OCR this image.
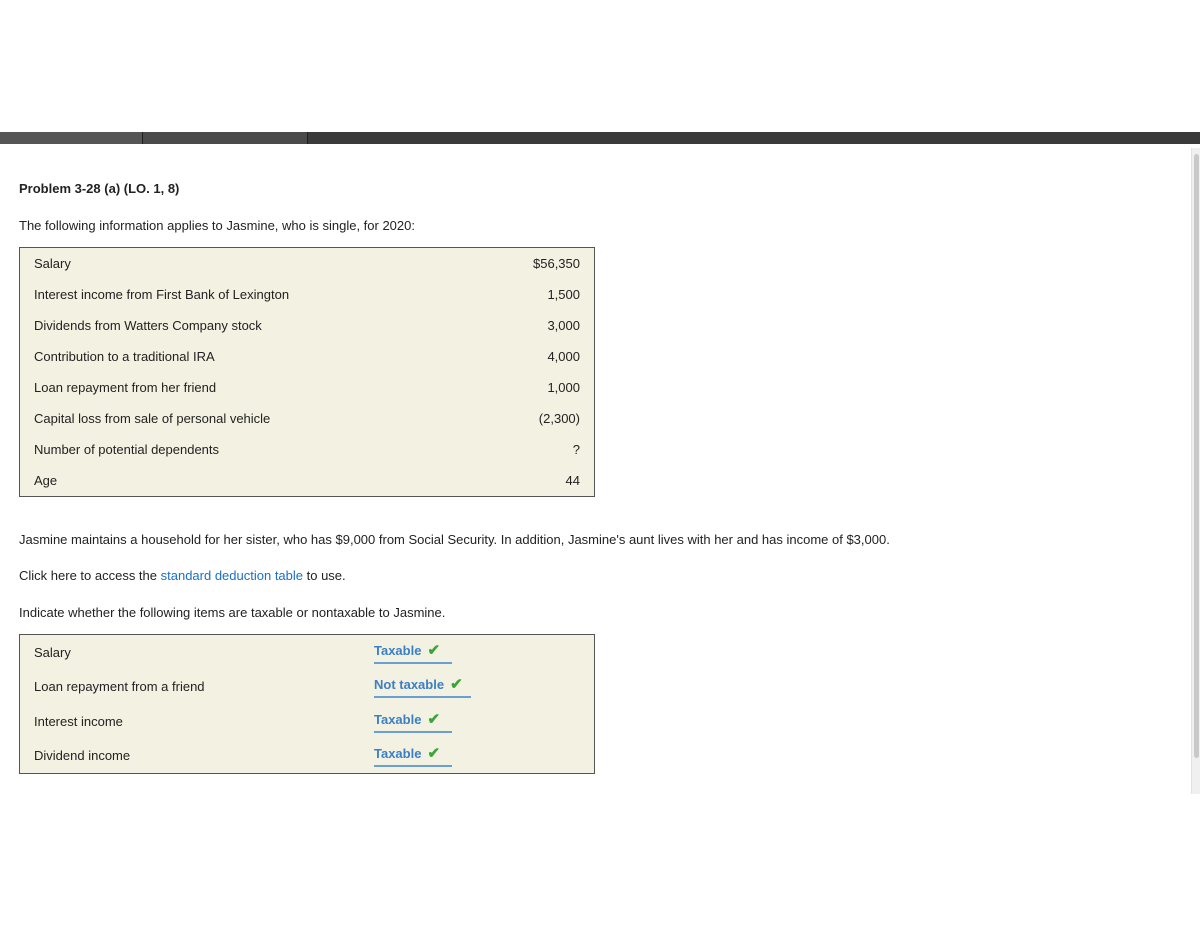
Problem 3-28 (a) (LO. 1, 8)

The following information applies to Jasmine, who is single, for 2020:

Salary	$56,350
Interest income from First Bank of Lexington	1,500
Dividends from Watters Company stock	3,000
Contribution to a traditional IRA	4,000
Loan repayment from her friend	1,000
Capital loss from sale of personal vehicle	(2,300)
Number of potential dependents	?
Age	44

Jasmine maintains a household for her sister, who has $9,000 from Social Security. In addition, Jasmine's aunt lives with her and has income of $3,000.

Click here to access the standard deduction table to use.

Indicate whether the following items are taxable or nontaxable to Jasmine.

Salary	Taxable ✔
Loan repayment from a friend	Not taxable ✔
Interest income	Taxable ✔
Dividend income	Taxable ✔
